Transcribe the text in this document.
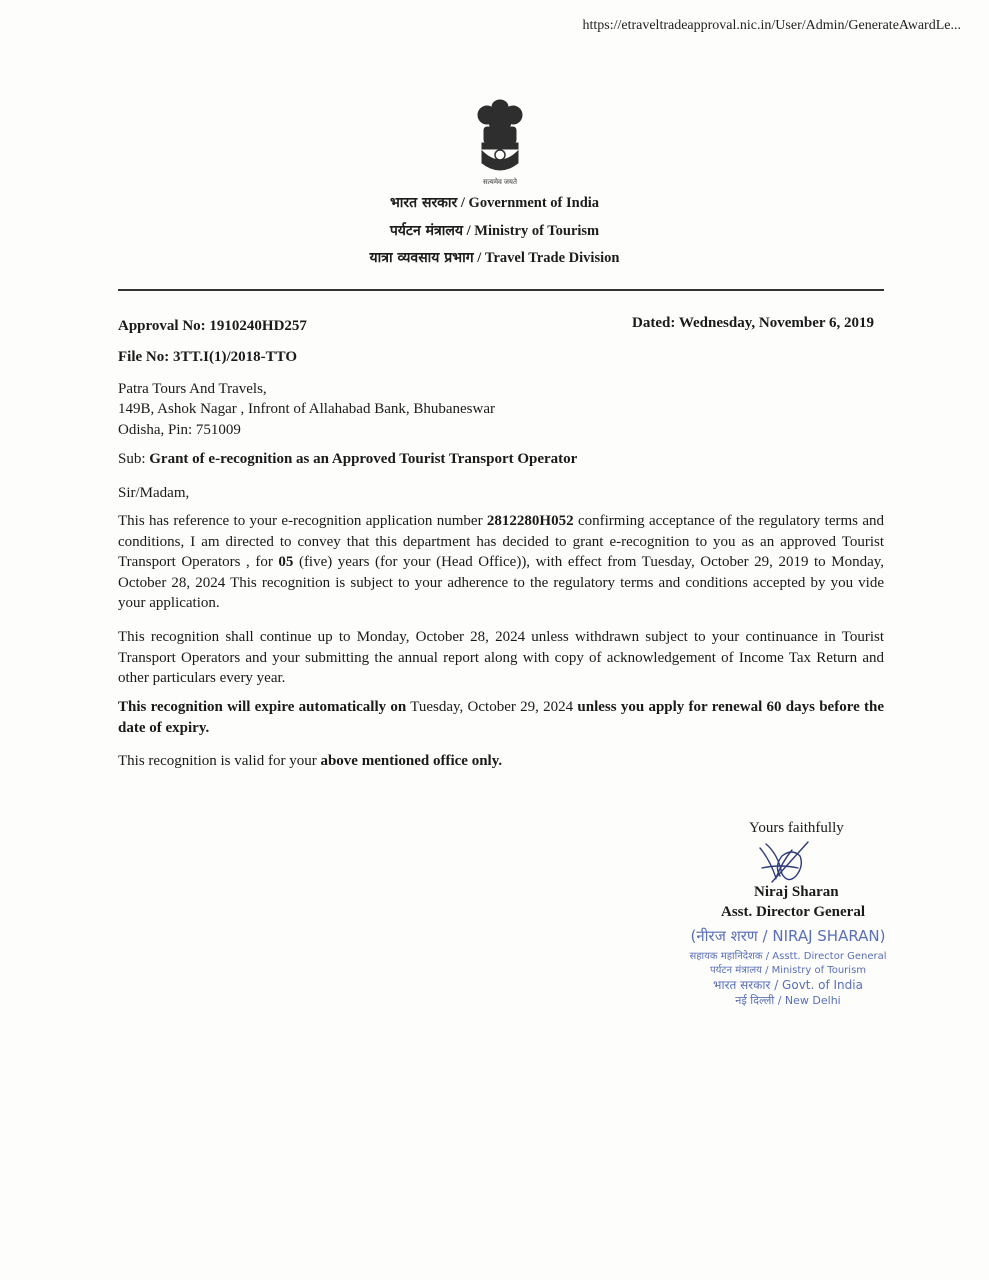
https://etraveltradeapproval.nic.in/User/Admin/GenerateAwardLe...
सत्यमेव जयते
भारत सरकार / Government of India
पर्यटन मंत्रालय / Ministry of Tourism
यात्रा व्यवसाय प्रभाग / Travel Trade Division
Approval No: 1910240HD257	Dated: Wednesday, November 6, 2019
File No: 3TT.I(1)/2018-TTO
Patra Tours And Travels,
149B, Ashok Nagar , Infront of Allahabad Bank, Bhubaneswar
Odisha, Pin: 751009
Sub: Grant of e-recognition as an Approved Tourist Transport Operator
Sir/Madam,
This has reference to your e-recognition application number 2812280H052 confirming acceptance of the regulatory terms and conditions, I am directed to convey that this department has decided to grant e-recognition to you as an approved Tourist Transport Operators , for 05 (five) years (for your (Head Office)), with effect from Tuesday, October 29, 2019 to Monday, October 28, 2024 This recognition is subject to your adherence to the regulatory terms and conditions accepted by you vide your application.
This recognition shall continue up to Monday, October 28, 2024 unless withdrawn subject to your continuance in Tourist Transport Operators and your submitting the annual report along with copy of acknowledgement of Income Tax Return and other particulars every year.
This recognition will expire automatically on Tuesday, October 29, 2024 unless you apply for renewal 60 days before the date of expiry.
This recognition is valid for your above mentioned office only.
Yours faithfully
Niraj Sharan
Asst. Director General
(नीरज शरण / NIRAJ SHARAN)
सहायक महानिदेशक / Asstt. Director General
पर्यटन मंत्रालय / Ministry of Tourism
भारत सरकार / Govt. of India
नई दिल्ली / New Delhi
